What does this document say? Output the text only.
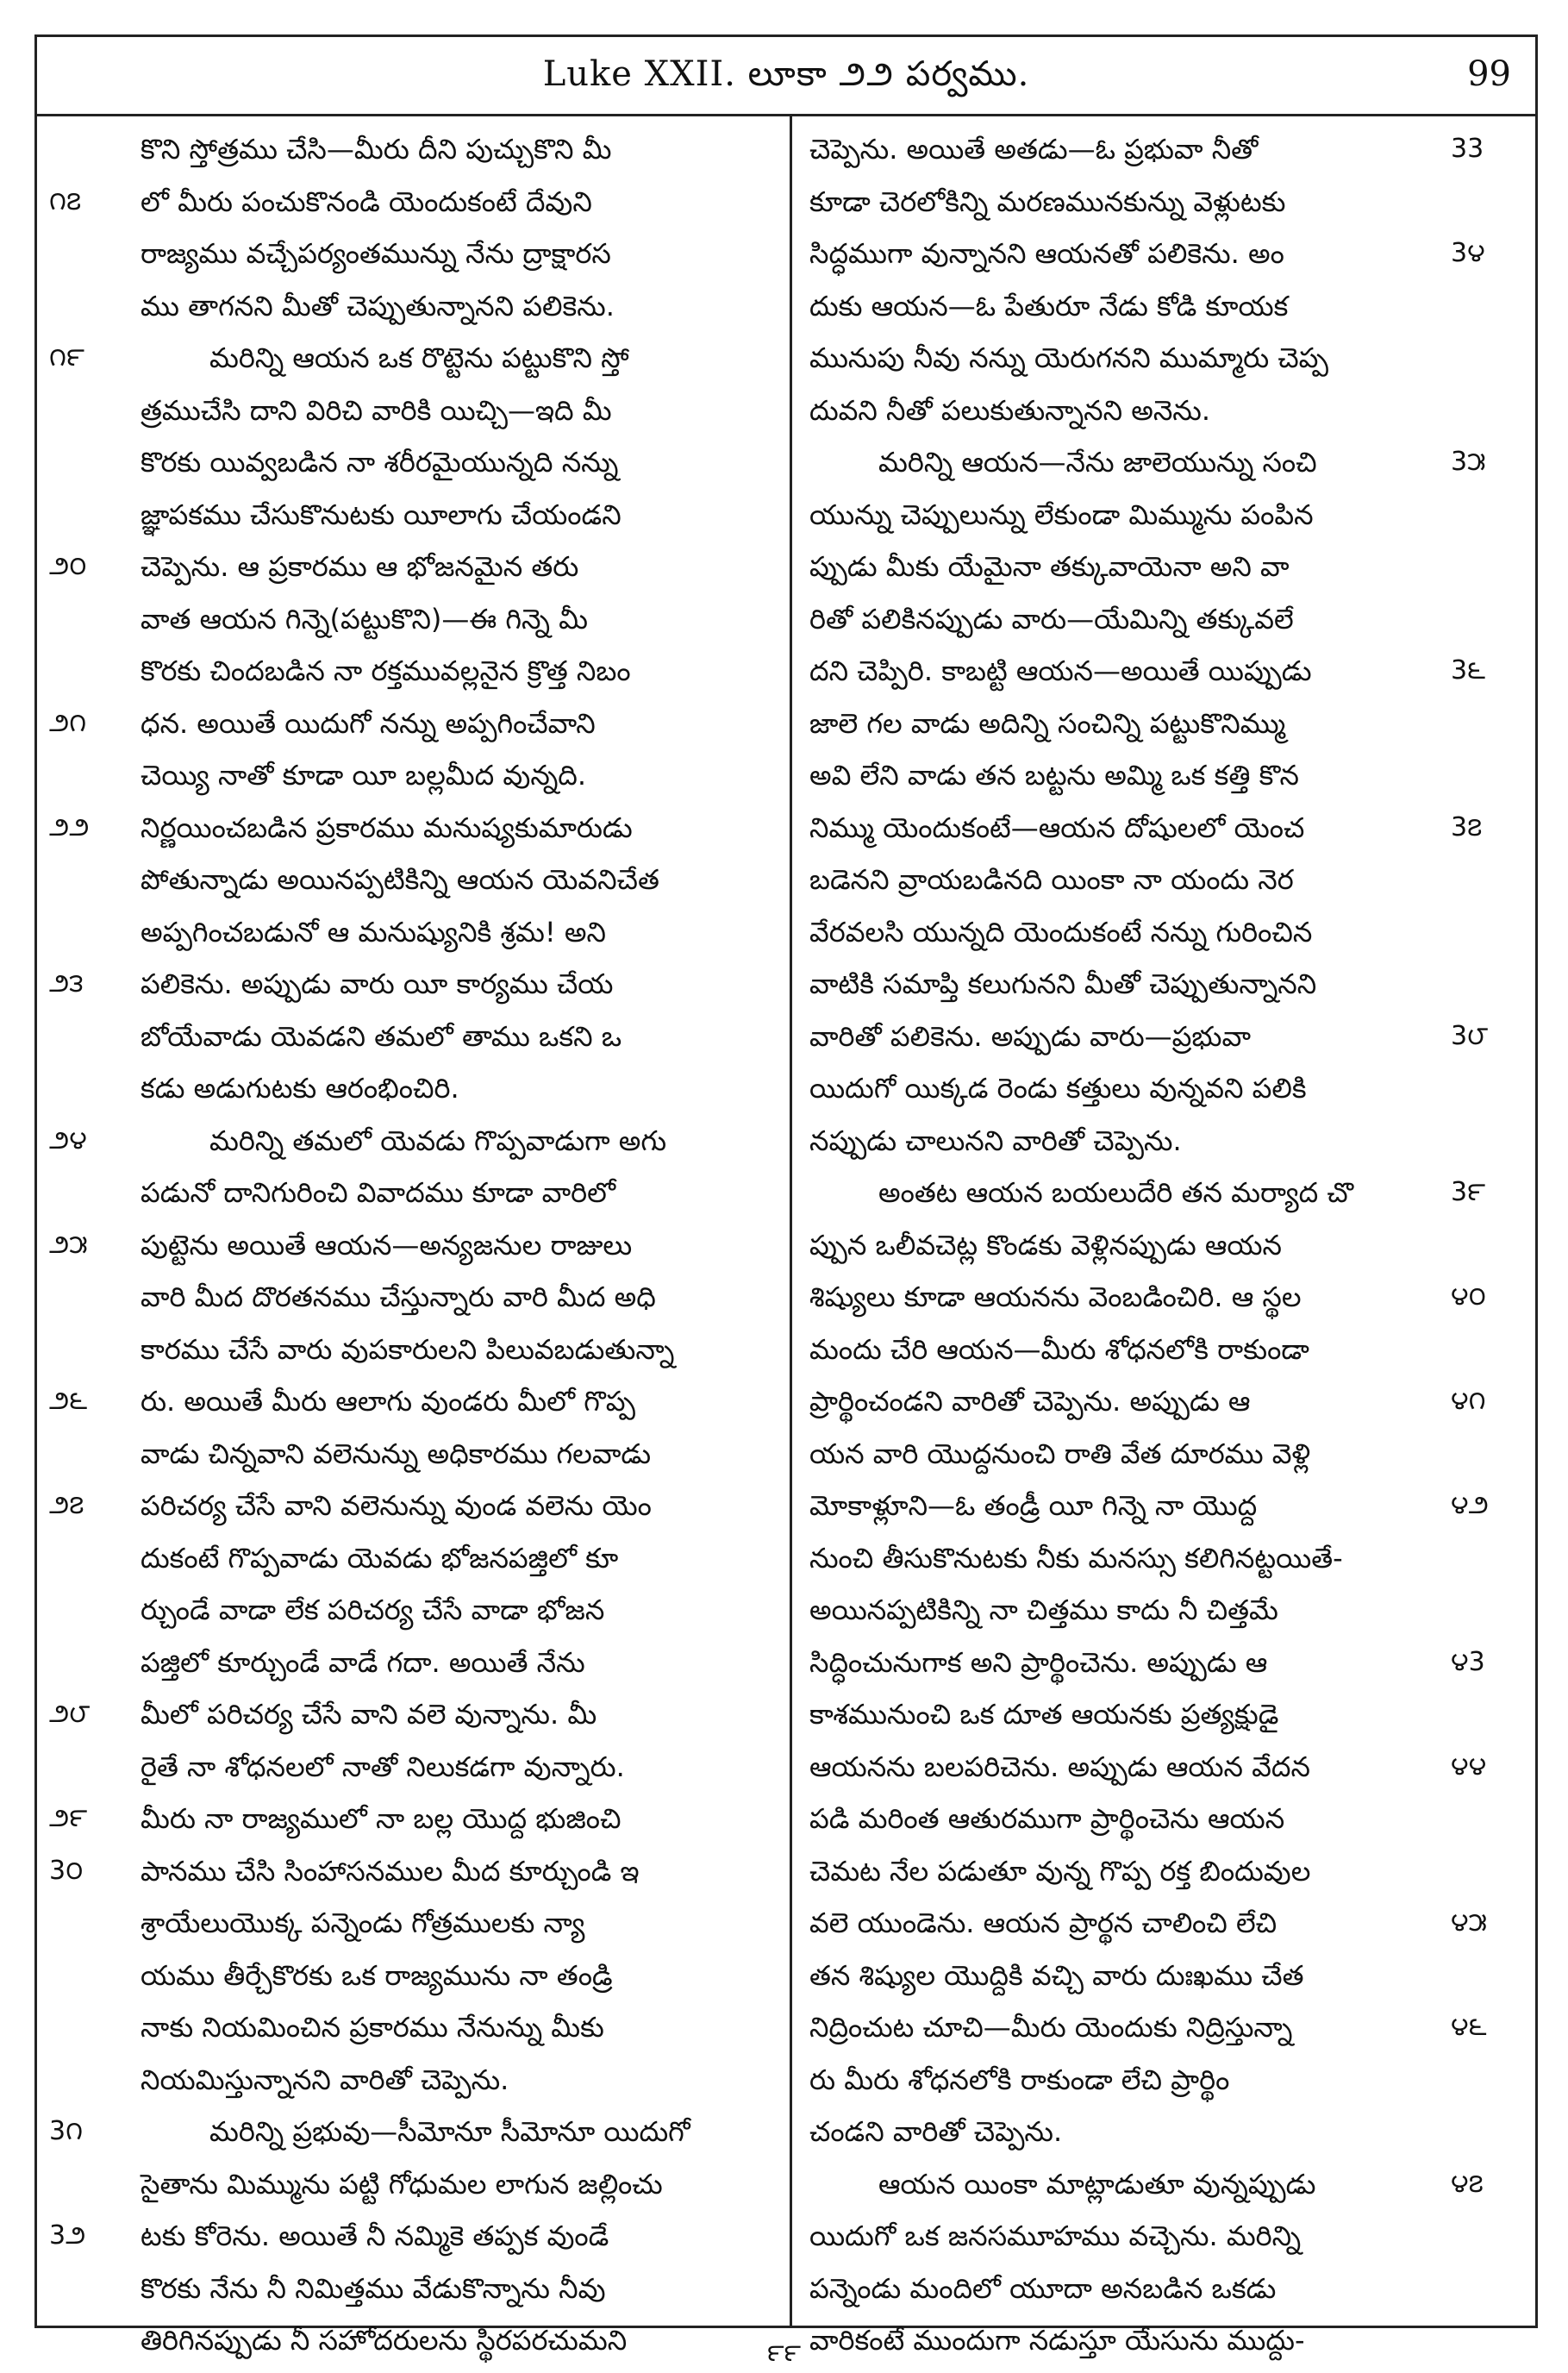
Luke XXII. లూకా ౨౨ పర్వము.	99
౧౭
౧౯
౨౦
౨౧
౨౨
౨౩
౨౪
౨౫
౨౬
౨౭
౨౮
౨౯
3౦
3౧
3౨
కొని స్తోత్రము చేసి—మీరు దీని పుచ్చుకొని మీ
లో మీరు పంచుకొనండి యెందుకంటే దేవుని
రాజ్యము వచ్చేపర్యంతమున్ను నేను ద్రాక్షారస
ము తాగనని మీతో చెప్పుతున్నానని పలికెను.
మరిన్ని ఆయన ఒక రొట్టెను పట్టుకొని స్తో
త్రముచేసి దాని విరిచి వారికి యిచ్చి—ఇది మీ
కొరకు యివ్వబడిన నా శరీరమైయున్నది నన్ను
జ్ఞాపకము చేసుకొనుటకు యీలాగు చేయండని
చెప్పెను. ఆ ప్రకారము ఆ భోజనమైన తరు
వాత ఆయన గిన్నె(పట్టుకొని)—ఈ గిన్నె మీ
కొరకు చిందబడిన నా రక్తమువల్లనైన క్రొత్త నిబం
ధన. అయితే యిదుగో నన్ను అప్పగించేవాని
చెయ్యి నాతో కూడా యీ బల్లమీద వున్నది.
నిర్ణయించబడిన ప్రకారము మనుష్యకుమారుడు
పోతున్నాడు అయినప్పటికిన్ని ఆయన యెవనిచేత
అప్పగించబడునో ఆ మనుష్యునికి శ్రమ! అని
పలికెను. అప్పుడు వారు యీ కార్యము చేయ
బోయేవాడు యెవడని తమలో తాము ఒకని ఒ
కడు అడుగుటకు ఆరంభించిరి.
మరిన్ని తమలో యెవడు గొప్పవాడుగా అగు
పడునో దానిగురించి వివాదము కూడా వారిలో
పుట్టెను అయితే ఆయన—అన్యజనుల రాజులు
వారి మీద దొరతనము చేస్తున్నారు వారి మీద అధి
కారము చేసే వారు వుపకారులని పిలువబడుతున్నా
రు. అయితే మీరు ఆలాగు వుండరు మీలో గొప్ప
వాడు చిన్నవాని వలెనున్ను అధికారము గలవాడు
పరిచర్య చేసే వాని వలెనున్ను వుండ వలెను యెం
దుకంటే గొప్పవాడు యెవడు భోజనపజ్తిలో కూ
ర్చుండే వాడా లేక పరిచర్య చేసే వాడా భోజన
పజ్తిలో కూర్చుండే వాడే గదా. అయితే నేను
మీలో పరిచర్య చేసే వాని వలె వున్నాను. మీ
రైతే నా శోధనలలో నాతో నిలుకడగా వున్నారు.
మీరు నా రాజ్యములో నా బల్ల యొద్ద భుజించి
పానము చేసి సింహాసనముల మీద కూర్చుండి ఇ
శ్రాయేలుయొక్క పన్నెండు గోత్రములకు న్యా
యము తీర్చేకొరకు ఒక రాజ్యమును నా తండ్రి
నాకు నియమించిన ప్రకారము నేనున్ను మీకు
నియమిస్తున్నానని వారితో చెప్పెను.
మరిన్ని ప్రభువు—సీమోనూ సీమోనూ యిదుగో
సైతాను మిమ్మును పట్టి గోధుమల లాగున జల్లించు
టకు కోరెను. అయితే నీ నమ్మికె తప్పక వుండే
కొరకు నేను నీ నిమిత్తము వేడుకొన్నాను నీవు
తిరిగినప్పుడు నీ సహోదరులను స్థిరపరచుమని
చెప్పెను. అయితే అతడు—ఓ ప్రభువా నీతో
కూడా చెరలోకిన్ని మరణమునకున్ను వెళ్లుటకు
సిద్ధముగా వున్నానని ఆయనతో పలికెను. అం
దుకు ఆయన—ఓ పేతురూ నేడు కోడి కూయక
మునుపు నీవు నన్ను యెరుగనని ముమ్మారు చెప్ప
దువని నీతో పలుకుతున్నానని అనెను.
మరిన్ని ఆయన—నేను జాలెయున్ను సంచి
యున్ను చెప్పులున్ను లేకుండా మిమ్మును పంపిన
ప్పుడు మీకు యేమైనా తక్కువాయెనా అని వా
రితో పలికినప్పుడు వారు—యేమిన్ని తక్కువలే
దని చెప్పిరి. కాబట్టి ఆయన—అయితే యిప్పుడు
జాలె గల వాడు అదిన్ని సంచిన్ని పట్టుకొనిమ్ము
అవి లేని వాడు తన బట్టను అమ్మి ఒక కత్తి కొన
నిమ్ము యెందుకంటే—ఆయన దోషులలో యెంచ
బడెనని వ్రాయబడినది యింకా నా యందు నెర
వేరవలసి యున్నది యెందుకంటే నన్ను గురించిన
వాటికి సమాప్తి కలుగునని మీతో చెప్పుతున్నానని
వారితో పలికెను. అప్పుడు వారు—ప్రభువా
యిదుగో యిక్కడ రెండు కత్తులు వున్నవని పలికి
నప్పుడు చాలునని వారితో చెప్పెను.
అంతట ఆయన బయలుదేరి తన మర్యాద చొ
ప్పున ఒలీవచెట్ల కొండకు వెళ్లినప్పుడు ఆయన
శిష్యులు కూడా ఆయనను వెంబడించిరి. ఆ స్థల
మందు చేరి ఆయన—మీరు శోధనలోకి రాకుండా
ప్రార్థించండని వారితో చెప్పెను. అప్పుడు ఆ
యన వారి యొద్దనుంచి రాతి వేత దూరము వెళ్లి
మోకాళ్లూని—ఓ తండ్రీ యీ గిన్నె నా యొద్ద
నుంచి తీసుకొనుటకు నీకు మనస్సు కలిగినట్టయితే-
అయినప్పటికిన్ని నా చిత్తము కాదు నీ చిత్తమే
సిద్ధించునుగాక అని ప్రార్థించెను. అప్పుడు ఆ
కాశమునుంచి ఒక దూత ఆయనకు ప్రత్యక్షుడై
ఆయనను బలపరిచెను. అప్పుడు ఆయన వేదన
పడి మరింత ఆతురముగా ప్రార్థించెను ఆయన
చెమట నేల పడుతూ వున్న గొప్ప రక్త బిందువుల
వలె యుండెను. ఆయన ప్రార్థన చాలించి లేచి
తన శిష్యుల యొద్దికి వచ్చి వారు దుఃఖము చేత
నిద్రించుట చూచి—మీరు యెందుకు నిద్రిస్తున్నా
రు మీరు శోధనలోకి రాకుండా లేచి ప్రార్థిం
చండని వారితో చెప్పెను.
ఆయన యింకా మాట్లాడుతూ వున్నప్పుడు
యిదుగో ఒక జనసమూహము వచ్చెను. మరిన్ని
పన్నెండు మందిలో యూదా అనబడిన ఒకడు
వారికంటే ముందుగా నడుస్తూ యేసును ముద్దు-
33
3౪
3౫
3౬
3౭
3౮
3౯
౪౦
౪౧
౪౨
౪3
౪౪
౪౫
౪౬
౪౭
౯౯
